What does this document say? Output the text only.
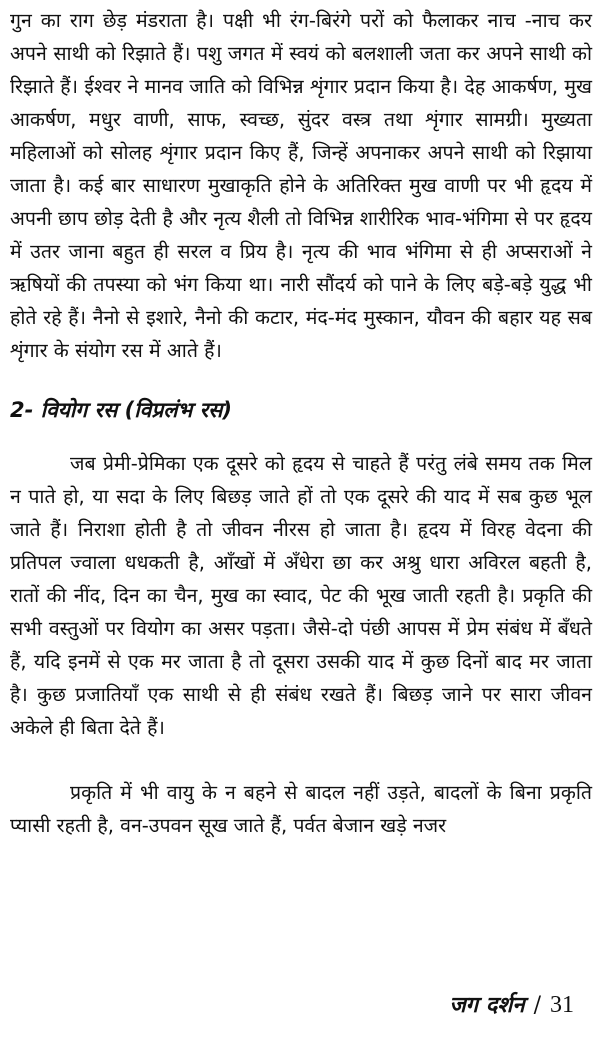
गुन का राग छेड़ मंडराता है। पक्षी भी रंग-बिरंगे परों को फैलाकर नाच -नाच कर अपने साथी को रिझाते हैं। पशु जगत में स्वयं को बलशाली जता कर अपने साथी को रिझाते हैं। ईश्वर ने मानव जाति को विभिन्न शृंगार प्रदान किया है। देह आकर्षण, मुख आकर्षण, मधुर वाणी, साफ, स्वच्छ, सुंदर वस्त्र तथा शृंगार सामग्री। मुख्यता महिलाओं को सोलह शृंगार प्रदान किए हैं, जिन्हें अपनाकर अपने साथी को रिझाया जाता है। कई बार साधारण मुखाकृति होने के अतिरिक्त मुख वाणी पर भी हृदय में अपनी छाप छोड़ देती है और नृत्य शैली तो विभिन्न शारीरिक भाव-भंगिमा से पर हृदय में उतर जाना बहुत ही सरल व प्रिय है। नृत्य की भाव भंगिमा से ही अप्सराओं ने ऋषियों की तपस्या को भंग किया था। नारी सौंदर्य को पाने के लिए बड़े-बड़े युद्ध भी होते रहे हैं। नैनो से इशारे, नैनो की कटार, मंद-मंद मुस्कान, यौवन की बहार यह सब शृंगार के संयोग रस में आते हैं।

2- वियोग रस (विप्रलंभ रस)

जब प्रेमी-प्रेमिका एक दूसरे को हृदय से चाहते हैं परंतु लंबे समय तक मिल न पाते हो, या सदा के लिए बिछड़ जाते हों तो एक दूसरे की याद में सब कुछ भूल जाते हैं। निराशा होती है तो जीवन नीरस हो जाता है। हृदय में विरह वेदना की प्रतिपल ज्वाला धधकती है, आँखों में अँधेरा छा कर अश्रु धारा अविरल बहती है, रातों की नींद, दिन का चैन, मुख का स्वाद, पेट की भूख जाती रहती है। प्रकृति की सभी वस्तुओं पर वियोग का असर पड़ता। जैसे-दो पंछी आपस में प्रेम संबंध में बँधते हैं, यदि इनमें से एक मर जाता है तो दूसरा उसकी याद में कुछ दिनों बाद मर जाता है। कुछ प्रजातियाँ एक साथी से ही संबंध रखते हैं। बिछड़ जाने पर सारा जीवन अकेले ही बिता देते हैं।

प्रकृति में भी वायु के न बहने से बादल नहीं उड़ते, बादलों के बिना प्रकृति प्यासी रहती है, वन-उपवन सूख जाते हैं, पर्वत बेजान खड़े नजर

जग दर्शन / 31
